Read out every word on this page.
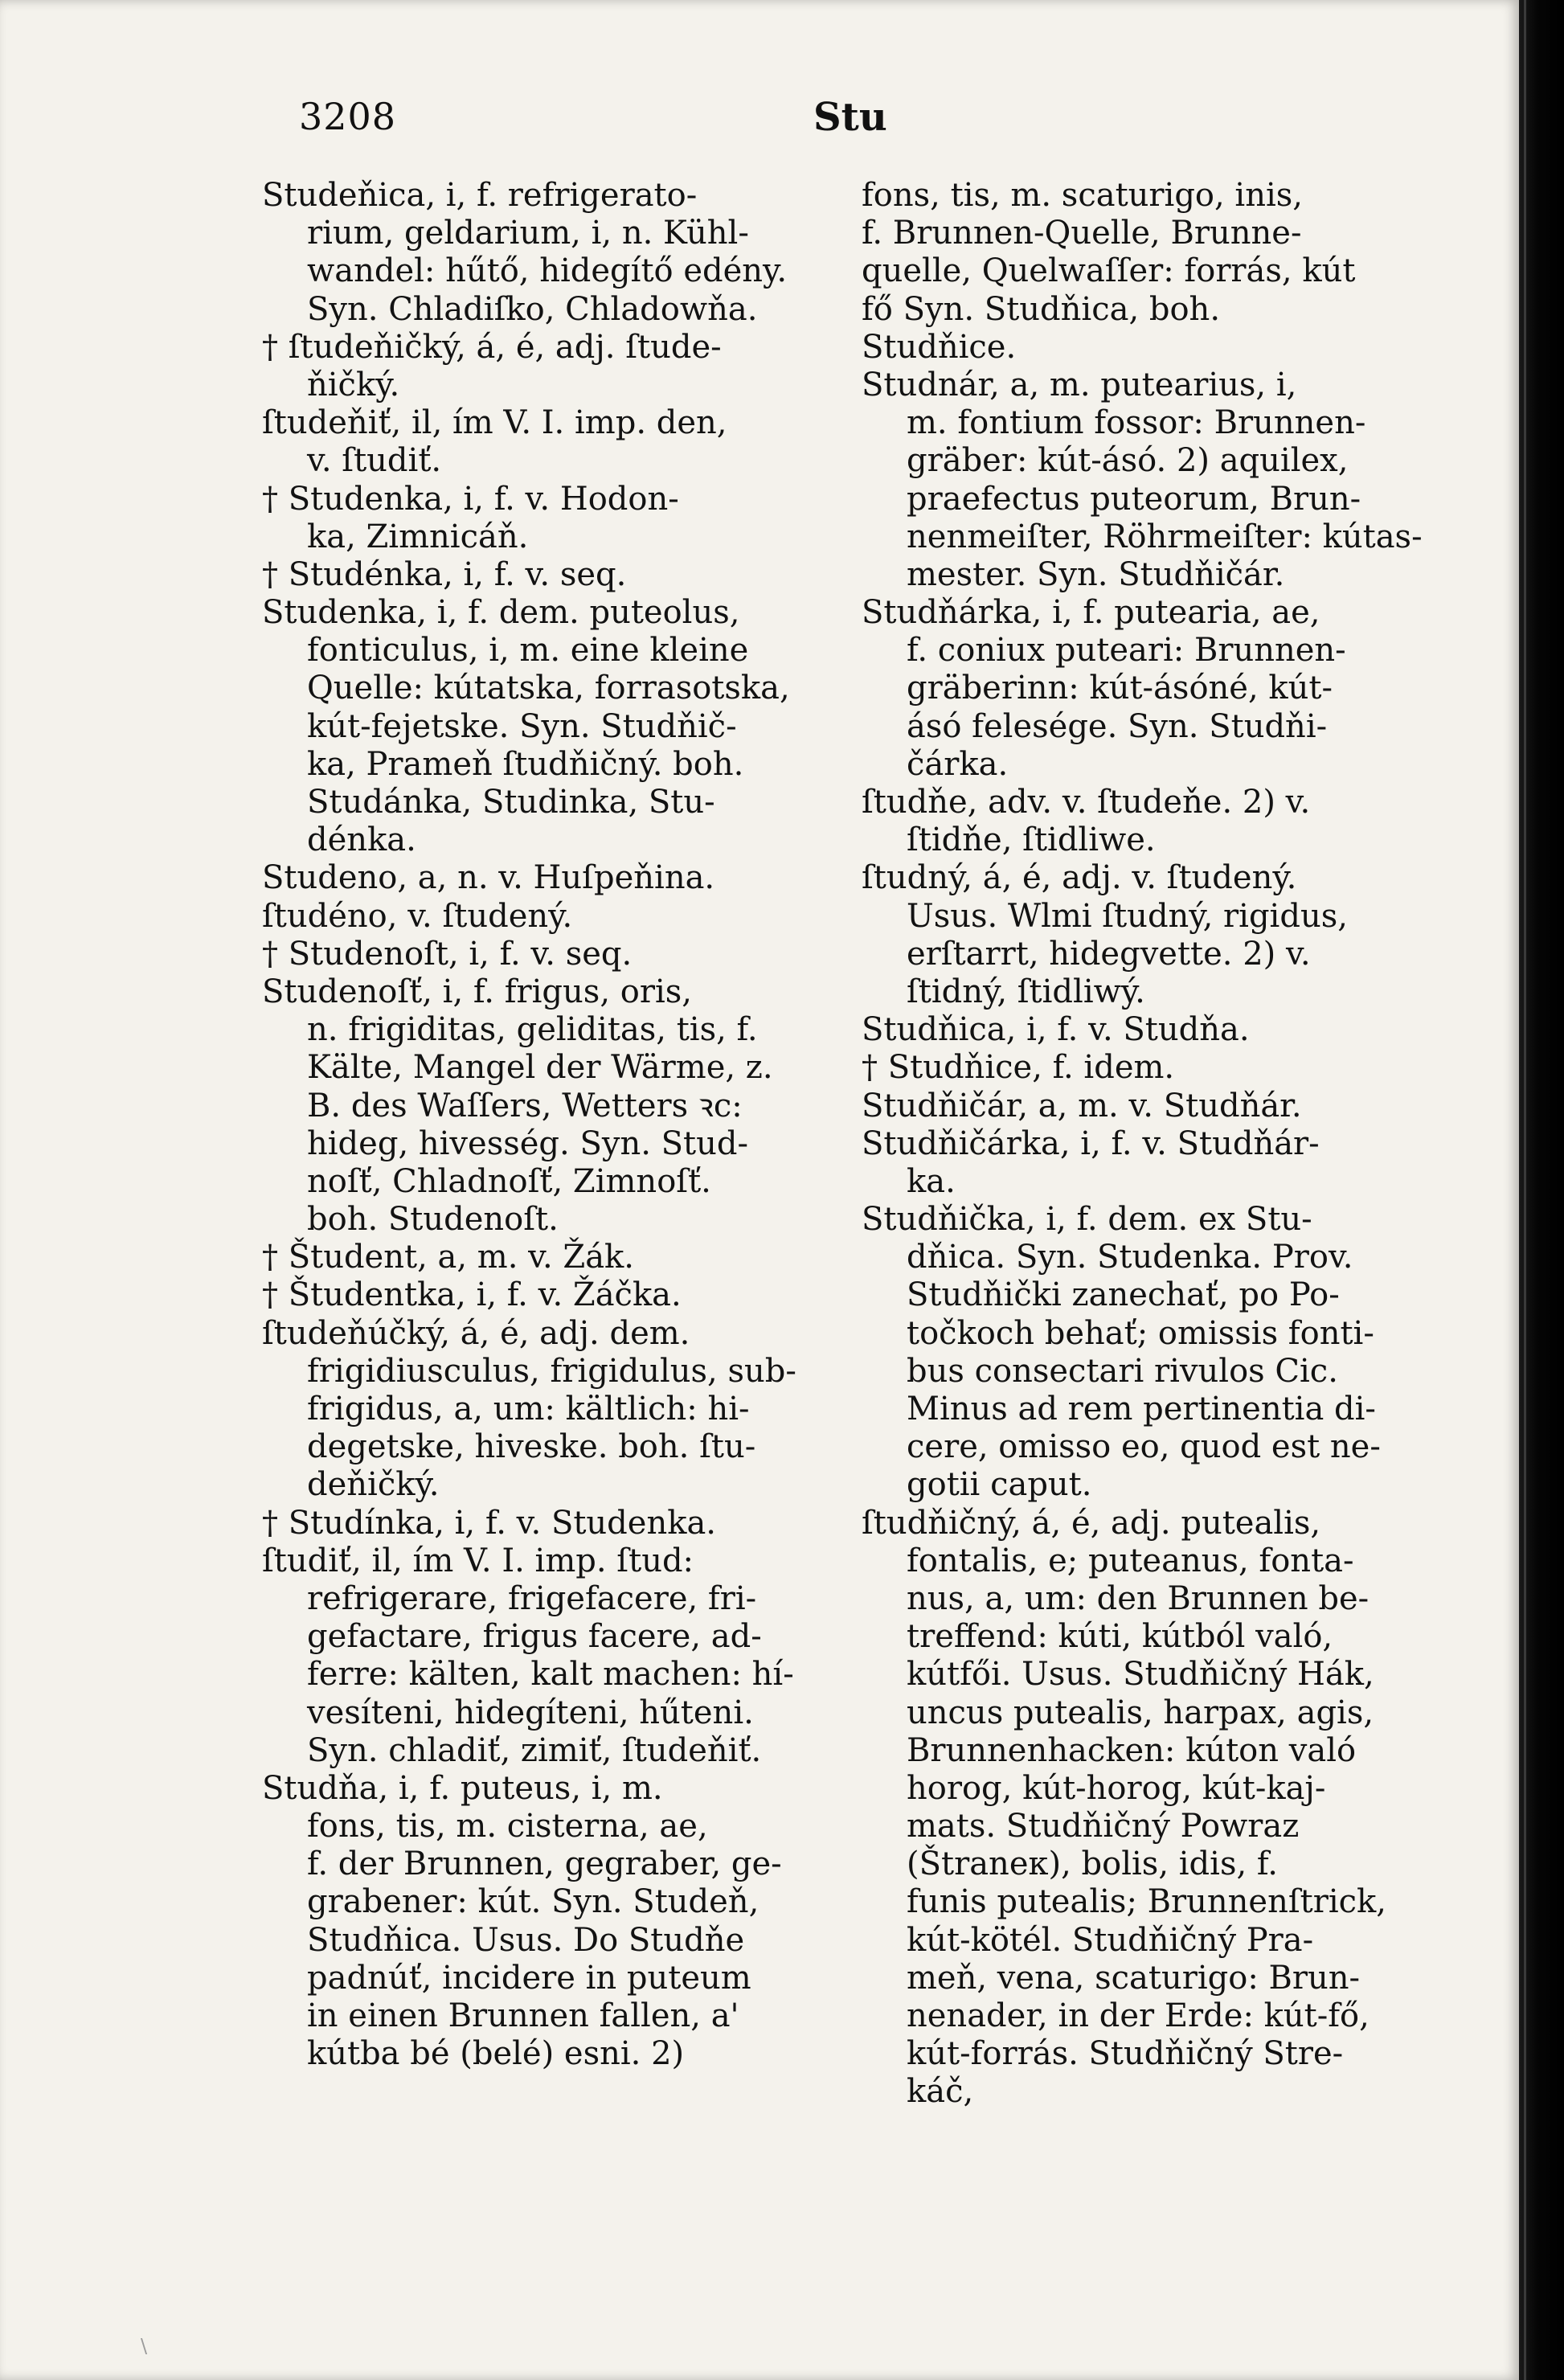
3208	Stu
Studeňica, i, f. refrigerato-
rium, geldarium, i, n. Kühl-
wandel: hűtő, hidegítő edény.
Syn. Chladiſko, Chladowňa.
† ſtudeňičký, á, é, adj. ſtude-
ňičký.
ſtudeňiť, il, ím V. I. imp. den,
v. ſtudiť.
† Studenka, i, f. v. Hodon-
ka, Zimnicáň.
† Studénka, i, f. v. seq.
Studenka, i, f. dem. puteolus,
fonticulus, i, m. eine kleine
Quelle: kútatska, forrasotska,
kút-fejetske. Syn. Studňič-
ka, Prameň ſtudňičný. boh.
Studánka, Studinka, Stu-
dénka.
Studeno, a, n. v. Huſpeňina.
ſtudéno, v. ſtudený.
† Studenoſt, i, f. v. seq.
Studenoſť, i, f. frigus, oris,
n. frigiditas, geliditas, tis, f.
Kälte, Mangel der Wärme, z.
B. des Waſſers, Wetters ꝛc:
hideg, hivesség. Syn. Stud-
noſť, Chladnoſť, Zimnoſť.
boh. Studenoſt.
† Študent, a, m. v. Žák.
† Študentka, i, f. v. Žáčka.
ſtudeňúčký, á, é, adj. dem.
frigidiusculus, frigidulus, sub-
frigidus, a, um: kältlich: hi-
degetske, hiveske. boh. ſtu-
deňičký.
† Studínka, i, f. v. Studenka.
ſtudiť, il, ím V. I. imp. ſtud:
refrigerare, frigefacere, fri-
gefactare, frigus facere, ad-
ferre: kälten, kalt machen: hí-
vesíteni, hidegíteni, hűteni.
Syn. chladiť, zimiť, ſtudeňiť.
Studňa, i, f. puteus, i, m.
fons, tis, m. cisterna, ae,
f. der Brunnen, gegraber, ge-
grabener: kút. Syn. Studeň,
Studňica. Usus. Do Studňe
padnúť, incidere in puteum
in einen Brunnen fallen, a'
kútba bé (belé) esni. 2)
fons, tis, m. scaturigo, inis,
f. Brunnen-Quelle, Brunne-
quelle, Quelwaſſer: forrás, kút
fő Syn. Studňica, boh.
Studňice.
Studnár, a, m. putearius, i,
m. fontium fossor: Brunnen-
gräber: kút-ásó. 2) aquilex,
praefectus puteorum, Brun-
nenmeiſter, Röhrmeiſter: kútas-
mester. Syn. Studňičár.
Studňárka, i, f. putearia, ae,
f. coniux puteari: Brunnen-
gräberinn: kút-ásóné, kút-
ásó felesége. Syn. Studňi-
čárka.
ſtudňe, adv. v. ſtudeňe. 2) v.
ſtidňe, ſtidliwe.
ſtudný, á, é, adj. v. ſtudený.
Usus. Wlmi ſtudný, rigidus,
erſtarrt, hidegvette. 2) v.
ſtidný, ſtidliwý.
Studňica, i, f. v. Studňa.
† Studňice, f. idem.
Studňičár, a, m. v. Studňár.
Studňičárka, i, f. v. Studňár-
ka.
Studňička, i, f. dem. ex Stu-
dňica. Syn. Studenka. Prov.
Studňički zanechať, po Po-
točkoch behať; omissis fonti-
bus consectari rivulos Cic.
Minus ad rem pertinentia di-
cere, omisso eo, quod est ne-
gotii caput.
ſtudňičný, á, é, adj. putealis,
fontalis, e; puteanus, fonta-
nus, a, um: den Brunnen be-
treffend: kúti, kútból való,
kútfői. Usus. Studňičný Hák,
uncus putealis, harpax, agis,
Brunnenhacken: kúton való
horog, kút-horog, kút-kaj-
mats. Studňičný Powraz
(Štraneк), bolis, idis, f.
funis putealis; Brunnenſtrick,
kút-kötél. Studňičný Pra-
meň, vena, scaturigo: Brun-
nenader, in der Erde: kút-fő,
kút-forrás. Studňičný Stre-
káč,
\
